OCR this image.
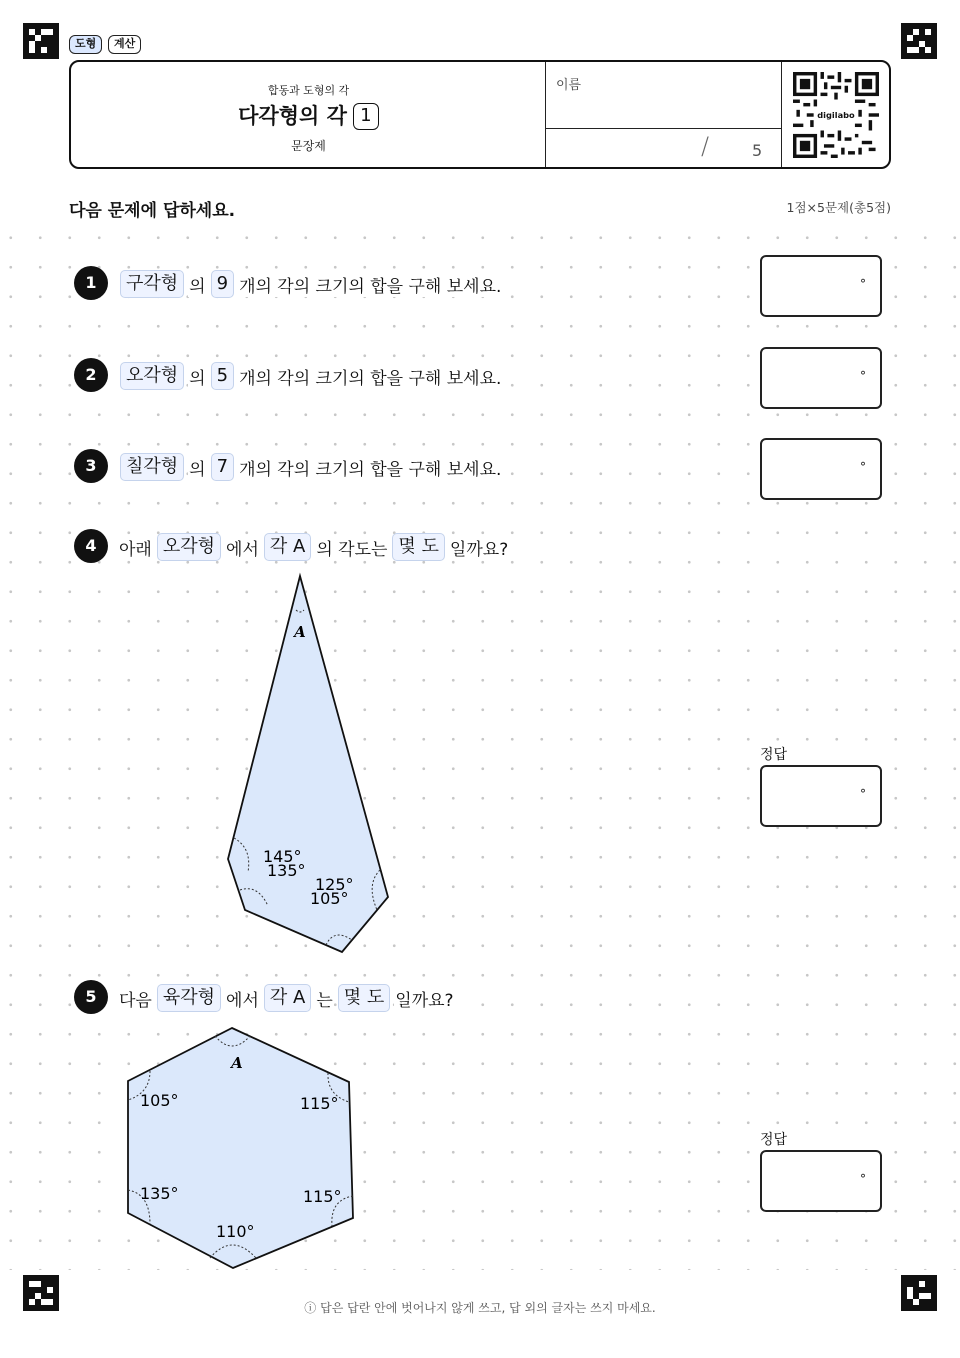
도형	계산
합동과 도형의 각
다각형의 각 1
문장제
이름
/	5
digilabo
다음 문제에 답하세요.	1점×5문제(총5점)
1	구각형 의 9 개의 각의 크기의 합을 구해 보세요.	°
2	오각형 의 5 개의 각의 크기의 합을 구해 보세요.	°
3	칠각형 의 7 개의 각의 크기의 합을 구해 보세요.	°
4	아래 오각형 에서 각 A 의 각도는 몇 도 일까요?
A
145°
135°
125°
105°
정답
°
5	다음 육각형 에서 각 A 는 몇 도 일까요?
A
105°	115°
135°	115°
110°
정답
°
ⓘ 답은 답란 안에 벗어나지 않게 쓰고, 답 외의 글자는 쓰지 마세요.
